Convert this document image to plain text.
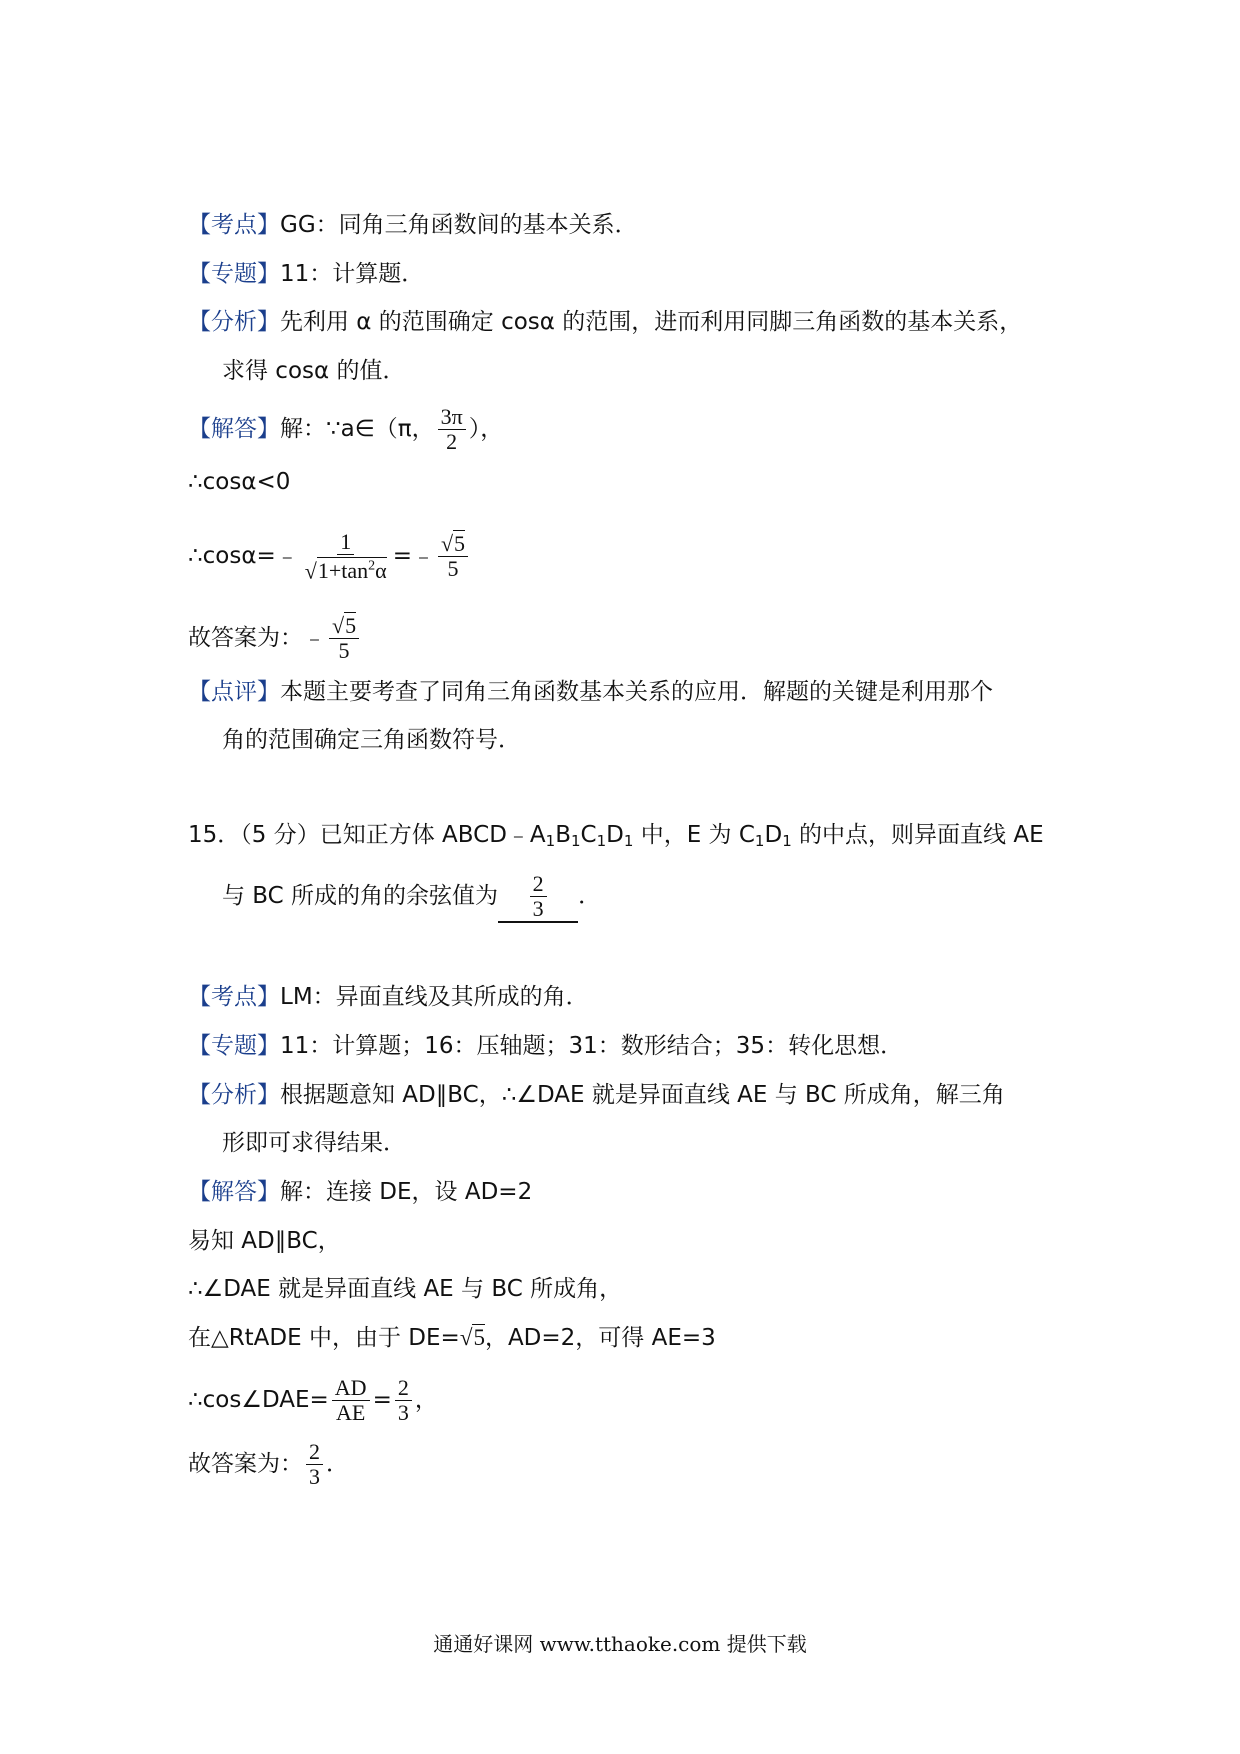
【考点】GG：同角三角函数间的基本关系．
【专题】11：计算题．
【分析】先利用 α 的范围确定 cosα 的范围，进而利用同脚三角函数的基本关系，
求得 cosα 的值．
【解答】解：∵a∈（π， $\frac{3\pi}{2}$ ），
∴cosα<0
∴cosα=﹣ $\frac{1}{√1+\tan^2\alpha}$ =﹣ $\frac{√5}{5}$
故答案为：﹣ $\frac{√5}{5}$
【点评】本题主要考查了同角三角函数基本关系的应用．解题的关键是利用那个
角的范围确定三角函数符号．
15．（5 分）已知正方体 $ABCD﹣A_1B_1C_1D_1$ 中，E 为 $C_1D_1$ 的中点，则异面直线 AE
与 BC 所成的角的余弦值为 $\frac{2}{3}$ ．
【考点】LM：异面直线及其所成的角．
【专题】11：计算题；16：压轴题；31：数形结合；35：转化思想．
【分析】根据题意知 AD∥BC，∴∠DAE 就是异面直线 AE 与 BC 所成角，解三角
形即可求得结果．
【解答】解：连接 DE，设 AD=2
易知 AD∥BC，
∴∠DAE 就是异面直线 AE 与 BC 所成角，
在△RtADE 中，由于 DE=√5，AD=2，可得 AE=3
∴cos∠DAE= $\frac{AD}{AE} = \frac{2}{3}$ ，
故答案为： $\frac{2}{3}$ ．
通通好课网 www.tthaoke.com 提供下载
